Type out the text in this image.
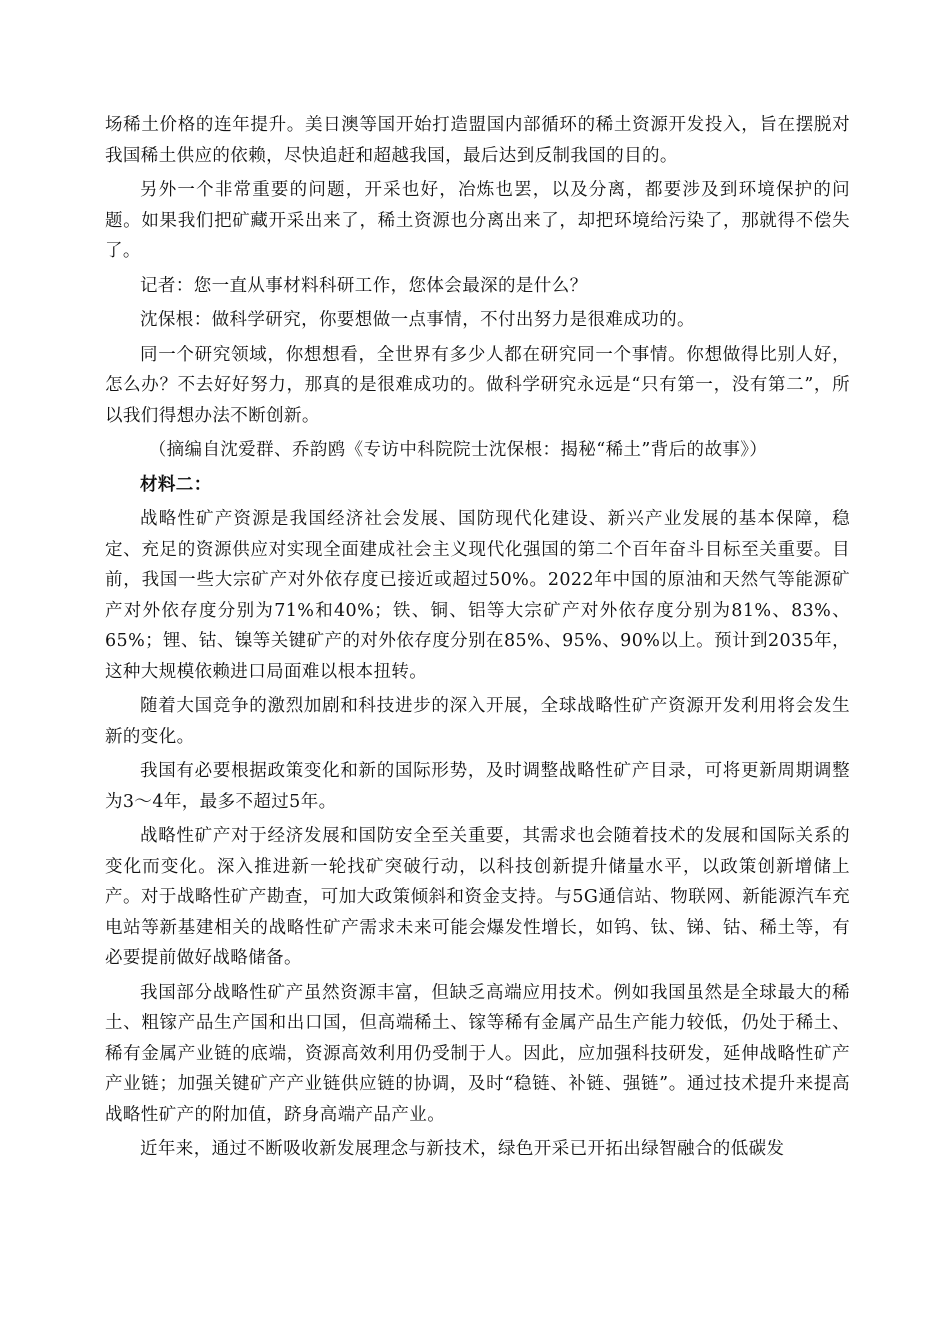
场稀土价格的连年提升。美日澳等国开始打造盟国内部循环的稀土资源开发投入，旨在摆脱对我国稀土供应的依赖，尽快追赶和超越我国，最后达到反制我国的目的。

另外一个非常重要的问题，开采也好，冶炼也罢，以及分离，都要涉及到环境保护的问题。如果我们把矿藏开采出来了，稀土资源也分离出来了，却把环境给污染了，那就得不偿失了。

记者：您一直从事材料科研工作，您体会最深的是什么？

沈保根：做科学研究，你要想做一点事情，不付出努力是很难成功的。

同一个研究领域，你想想看，全世界有多少人都在研究同一个事情。你想做得比别人好，怎么办？不去好好努力，那真的是很难成功的。做科学研究永远是“只有第一，没有第二”，所以我们得想办法不断创新。

（摘编自沈爱群、乔韵鸥《专访中科院院士沈保根：揭秘“稀土”背后的故事》）

材料二：

战略性矿产资源是我国经济社会发展、国防现代化建设、新兴产业发展的基本保障，稳定、充足的资源供应对实现全面建成社会主义现代化强国的第二个百年奋斗目标至关重要。目前，我国一些大宗矿产对外依存度已接近或超过50%。2022年中国的原油和天然气等能源矿产对外依存度分别为71%和40%；铁、铜、铝等大宗矿产对外依存度分别为81%、83%、65%；锂、钴、镍等关键矿产的对外依存度分别在85%、95%、90%以上。预计到2035年，这种大规模依赖进口局面难以根本扭转。

随着大国竞争的激烈加剧和科技进步的深入开展，全球战略性矿产资源开发利用将会发生新的变化。

我国有必要根据政策变化和新的国际形势，及时调整战略性矿产目录，可将更新周期调整为3～4年，最多不超过5年。

战略性矿产对于经济发展和国防安全至关重要，其需求也会随着技术的发展和国际关系的变化而变化。深入推进新一轮找矿突破行动，以科技创新提升储量水平，以政策创新增储上产。对于战略性矿产勘查，可加大政策倾斜和资金支持。与5G通信站、物联网、新能源汽车充电站等新基建相关的战略性矿产需求未来可能会爆发性增长，如钨、钛、锑、钴、稀土等，有必要提前做好战略储备。

我国部分战略性矿产虽然资源丰富，但缺乏高端应用技术。例如我国虽然是全球最大的稀土、粗镓产品生产国和出口国，但高端稀土、镓等稀有金属产品生产能力较低，仍处于稀土、稀有金属产业链的底端，资源高效利用仍受制于人。因此，应加强科技研发，延伸战略性矿产产业链；加强关键矿产产业链供应链的协调，及时“稳链、补链、强链”。通过技术提升来提高战略性矿产的附加值，跻身高端产品产业。

近年来，通过不断吸收新发展理念与新技术，绿色开采已开拓出绿智融合的低碳发
